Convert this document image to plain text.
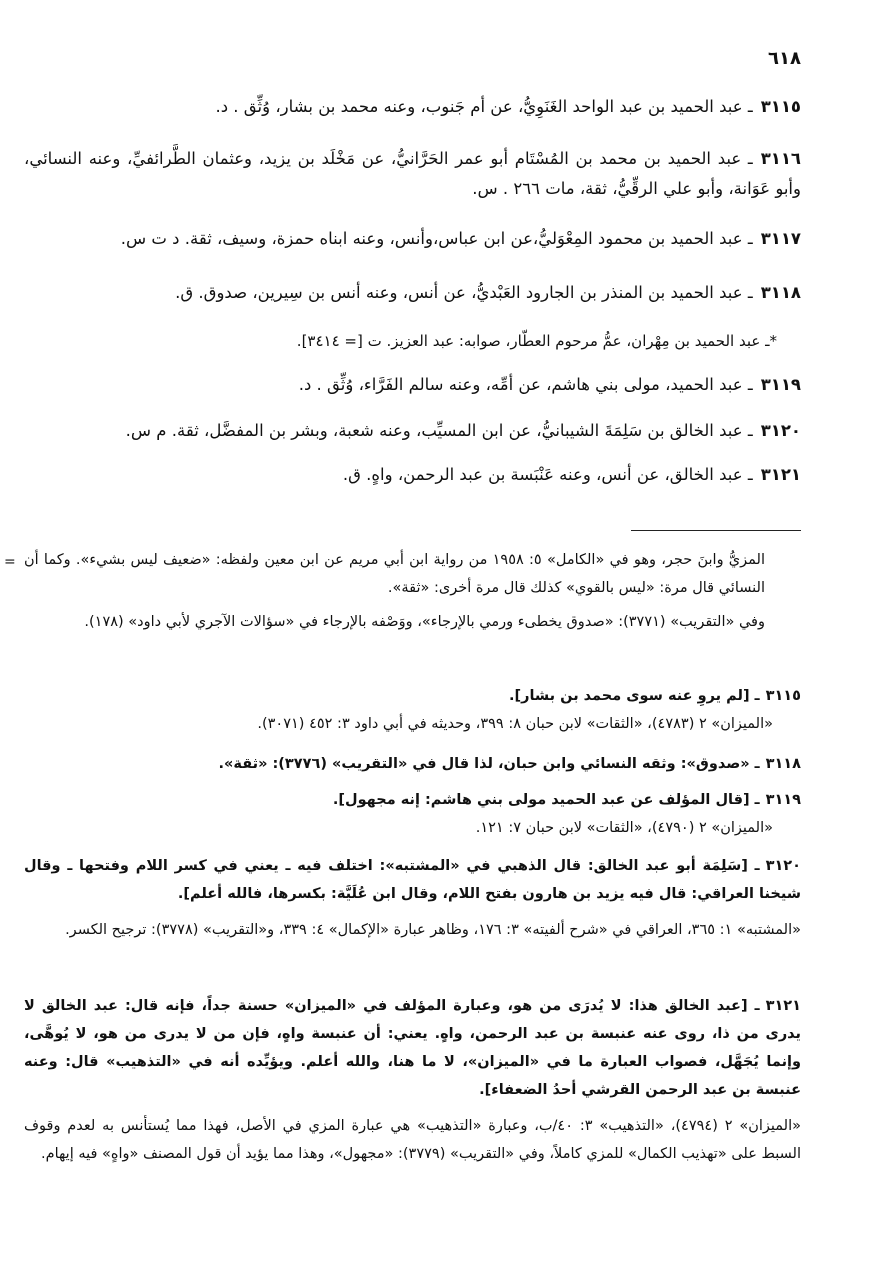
٦١٨
٣١١٥ـ عبد الحميد بن عبد الواحد الغَنَوِيُّ، عن أم جَنوب، وعنه محمد بن بشار، وُثِّق . د.
٣١١٦ـ عبد الحميد بن محمد بن المُسْتَام أبو عمر الحَرَّانيُّ، عن مَخْلَد بن يزيد، وعثمان الطَّرائفيِّ، وعنه النسائي، وأبو عَوَانة، وأبو علي الرقِّيُّ، ثقة، مات ٢٦٦ . س.
٣١١٧ـ عبد الحميد بن محمود المِعْوَليُّ،عن ابن عباس،وأنس، وعنه ابناه حمزة، وسيف، ثقة. د ت س.
٣١١٨ـ عبد الحميد بن المنذر بن الجارود العَبْديُّ، عن أنس، وعنه أنس بن سِيرين، صدوق. ق.
*ـ عبد الحميد بن مِهْران، عمُّ مرحوم العطّار، صوابه: عبد العزيز. ت [= ٣٤١٤].
٣١١٩ـ عبد الحميد، مولى بني هاشم، عن أمِّه، وعنه سالم الفَرَّاء، وُثِّق . د.
٣١٢٠ـ عبد الخالق بن سَلِمَةَ الشيبانيُّ، عن ابن المسيِّب، وعنه شعبة، وبشر بن المفضَّل، ثقة. م س.
٣١٢١ـ عبد الخالق، عن أنس، وعنه عَنْبَسة بن عبد الرحمن، واهٍ. ق.
المزيُّ وابنَ حجر، وهو في «الكامل» ٥: ١٩٥٨ من رواية ابن أبي مريم عن ابن معين ولفظه: «ضعيف ليس بشيء». وكما أن النسائي قال مرة: «ليس بالقوي» كذلك قال مرة أخرى: «ثقة».
وفي «التقريب» (٣٧٧١): «صدوق يخطىء ورمي بالإرجاء»، ووَصْفه بالإرجاء في «سؤالات الآجري لأبي داود» (١٧٨).
٣١١٥ـ [لم يروِ عنه سوى محمد بن بشار].
«الميزان» ٢ (٤٧٨٣)، «الثقات» لابن حبان ٨: ٣٩٩، وحديثه في أبي داود ٣: ٤٥٢ (٣٠٧١).
٣١١٨ـ «صدوق»: وثقه النسائي وابن حبان، لذا قال في «التقريب» (٣٧٧٦): «ثقة».
٣١١٩ـ [قال المؤلف عن عبد الحميد مولى بني هاشم: إنه مجهول].
«الميزان» ٢ (٤٧٩٠)، «الثقات» لابن حبان ٧: ١٢١.
٣١٢٠ـ [سَلِمَة أبو عبد الخالق: قال الذهبي في «المشتبه»: اختلف فيه ـ يعني في كسر اللام وفتحها ـ وقال شيخنا العراقي: قال فيه يزيد بن هارون بفتح اللام، وقال ابن عُلَيَّة: بكسرها، فالله أعلم].
«المشتبه» ١: ٣٦٥، العراقي في «شرح ألفيته» ٣: ١٧٦، وظاهر عبارة «الإكمال» ٤: ٣٣٩، و«التقريب» (٣٧٧٨): ترجيح الكسر.
٣١٢١ـ [عبد الخالق هذا: لا يُدرَى من هو، وعبارة المؤلف في «الميزان» حسنة جداً، فإنه قال: عبد الخالق لا يدرى من ذا، روى عنه عنبسة بن عبد الرحمن، واهٍ. يعني: أن عنبسة واهٍ، فإن من لا يدرى من هو، لا يُوهَّى، وإنما يُجَهَّل، فصواب العبارة ما في «الميزان»، لا ما هنا، والله أعلم. ويؤيِّده أنه في «التذهيب» قال: وعنه عنبسة بن عبد الرحمن القرشي أحدُ الضعفاء].
«الميزان» ٢ (٤٧٩٤)، «التذهيب» ٣: ٤٠/ب، وعبارة «التذهيب» هي عبارة المزي في الأصل، فهذا مما يُستأنس به لعدم وقوف السبط على «تهذيب الكمال» للمزي كاملاً، وفي «التقريب» (٣٧٧٩): «مجهول»، وهذا مما يؤيد أن قول المصنف «واهٍ» فيه إيهام.
=
